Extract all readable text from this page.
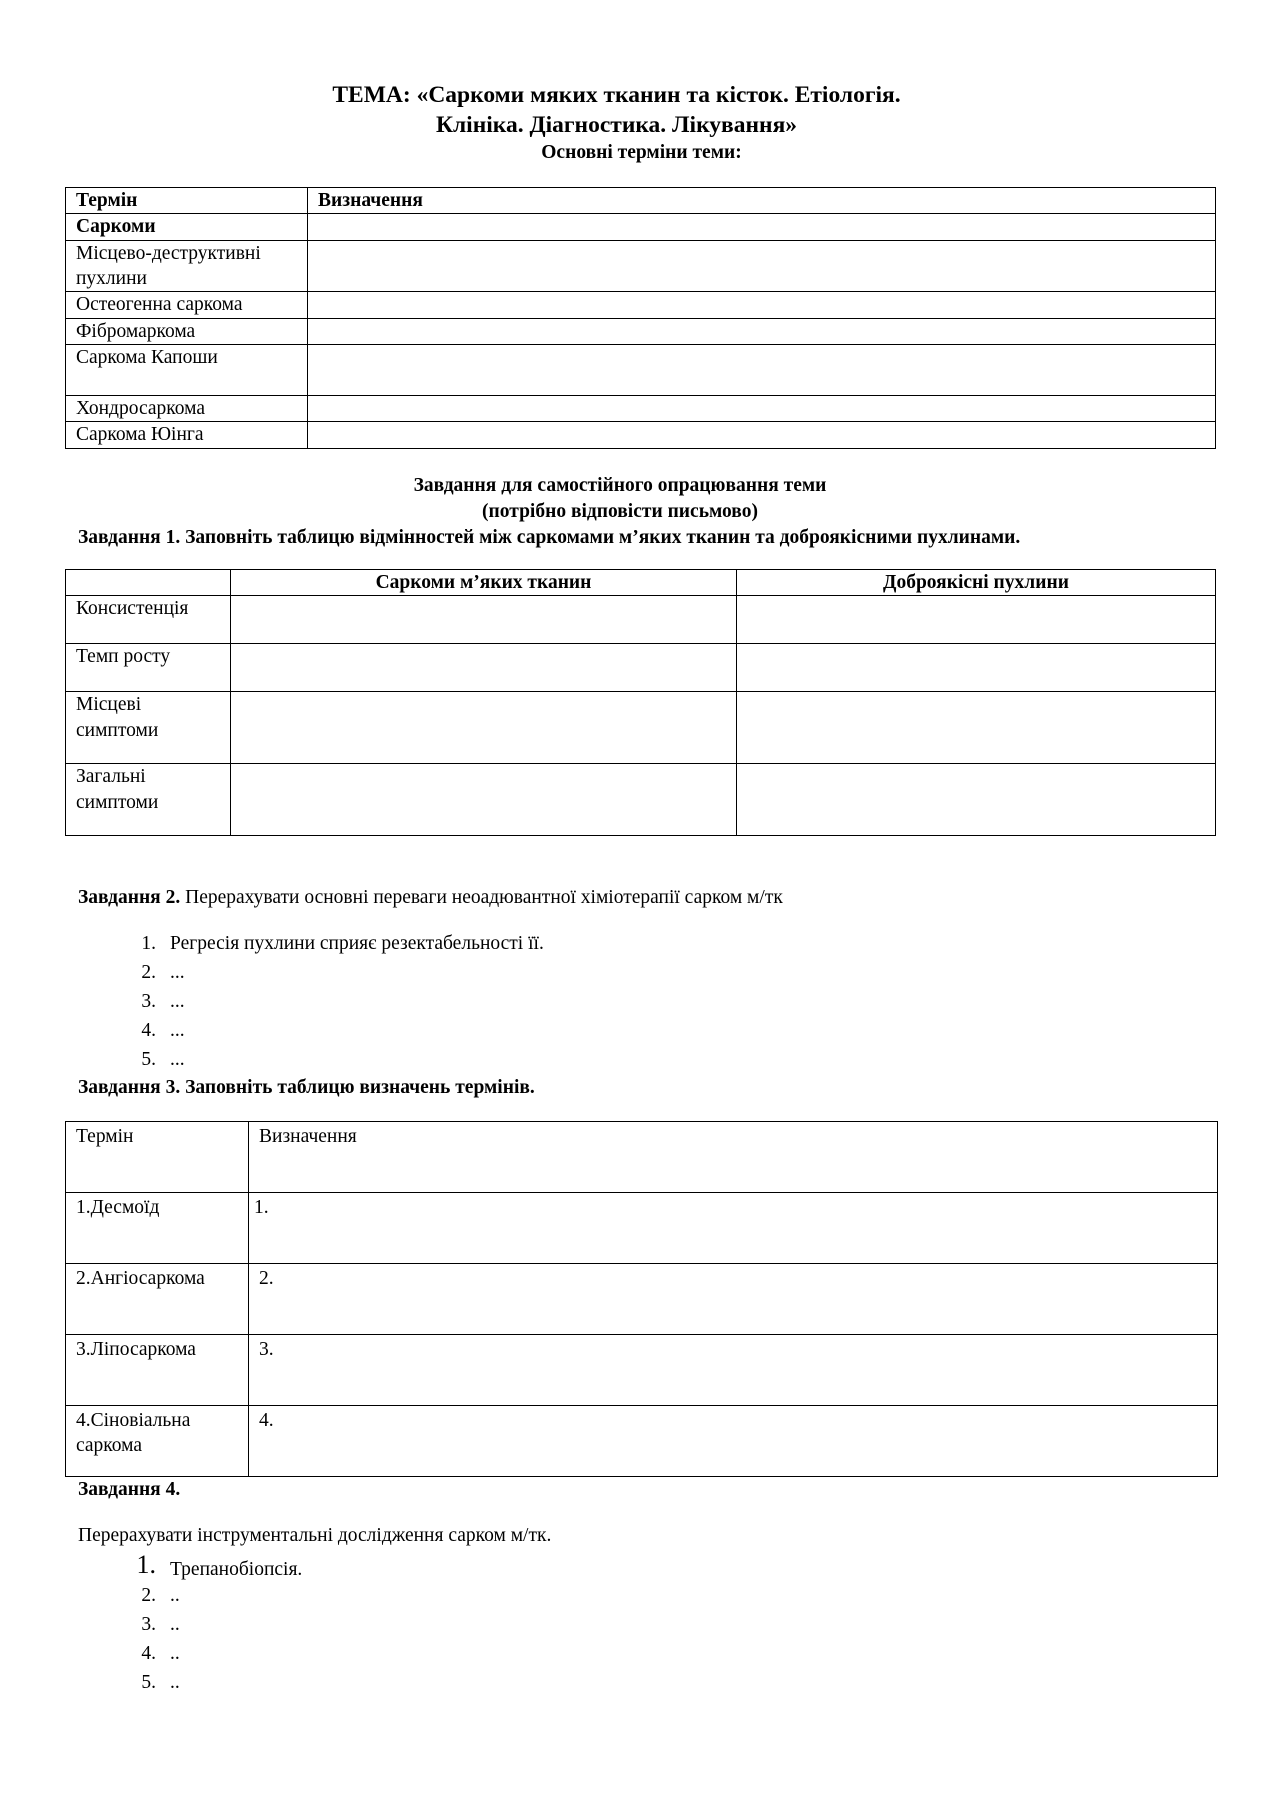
ТЕМА: «Саркоми мяких тканин та кісток. Етіологія.
Клініка. Діагностика. Лікування»
Основні терміни теми:
Термін	Визначення
Саркоми	
Місцево-деструктивні пухлини	
Остеогенна саркома	
Фібромаркома	
Саркома Капоши	
Хондросаркома	
Саркома Юінга	
Завдання для самостійного опрацювання теми
(потрібно відповісти письмово)
Завдання 1. Заповніть таблицю відмінностей між саркомами м’яких тканин та доброякісними пухлинами.
	Саркоми м’яких тканин	Доброякісні пухлини
Консистенція		
Темп росту		
Місцеві симптоми		
Загальні симптоми		
Завдання 2. Перерахувати основні переваги неоадювантної хіміотерапії сарком м/тк
1. Регресія пухлини сприяє резектабельності її.
2. ...
3. ...
4. ...
5. ...
Завдання 3. Заповніть таблицю визначень термінів.
Термін	Визначення
1.Десмоїд	1.
2.Ангіосаркома	2.
3.Ліпосаркома	3.
4.Сіновіальна саркома	4.
Завдання 4.
Перерахувати інструментальні дослідження сарком м/тк.
1. Трепанобіопсія.
2. ..
3. ..
4. ..
5. ..
